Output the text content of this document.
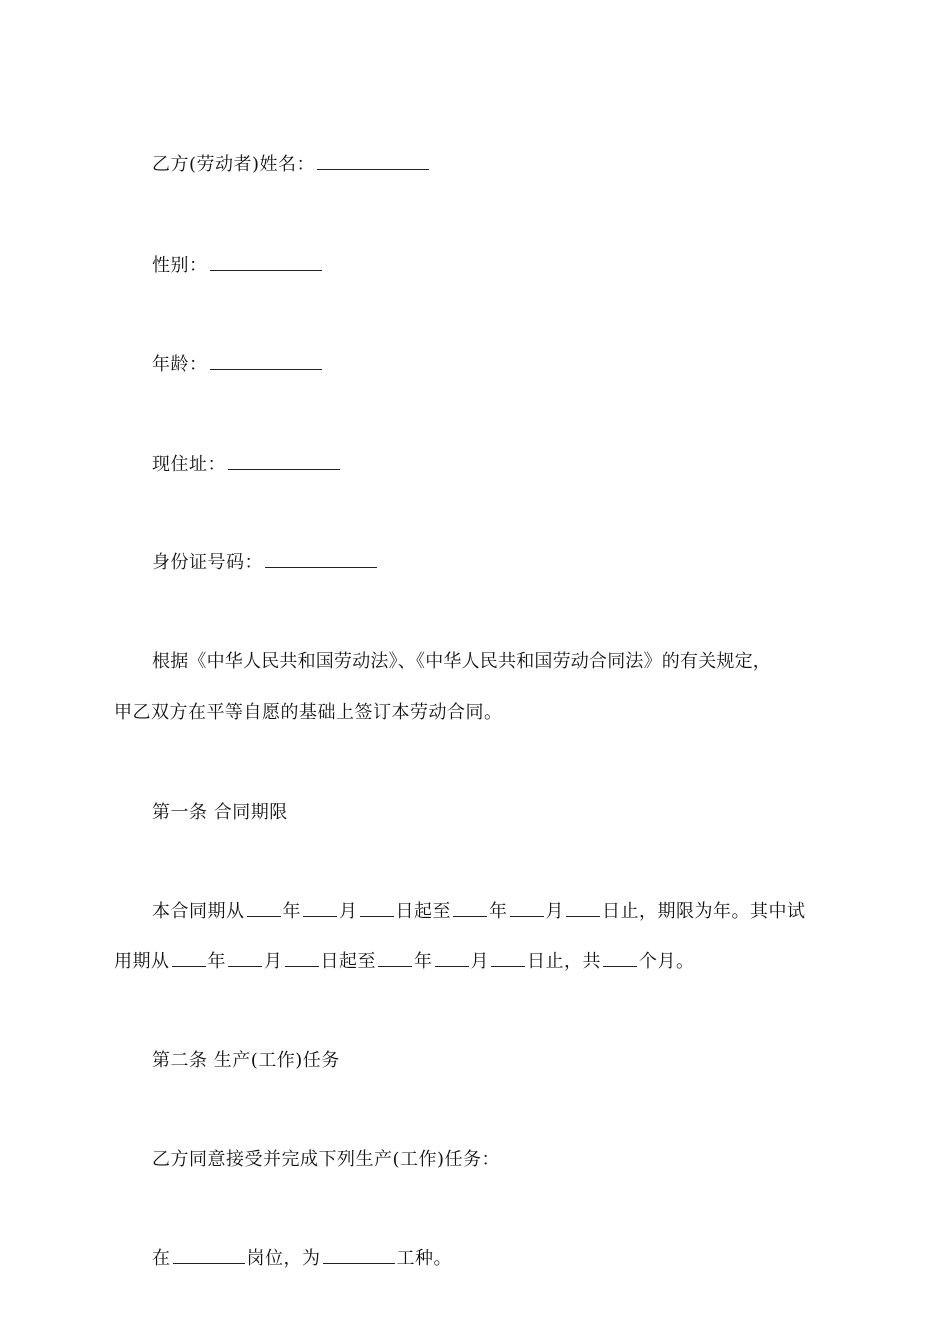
乙方(劳动者)姓名：
性别：
年龄：
现住址：
身份证号码：
根据《中华人民共和国劳动法》、《中华人民共和国劳动合同法》的有关规定，
甲乙双方在平等自愿的基础上签订本劳动合同。
第一条 合同期限
本合同期从 年 月 日起至 年 月 日止，期限为年。其中试
用期从 年 月 日起至 年 月 日止，共 个月。
第二条 生产(工作)任务
乙方同意接受并完成下列生产(工作)任务：
在	岗位，为	工种。
